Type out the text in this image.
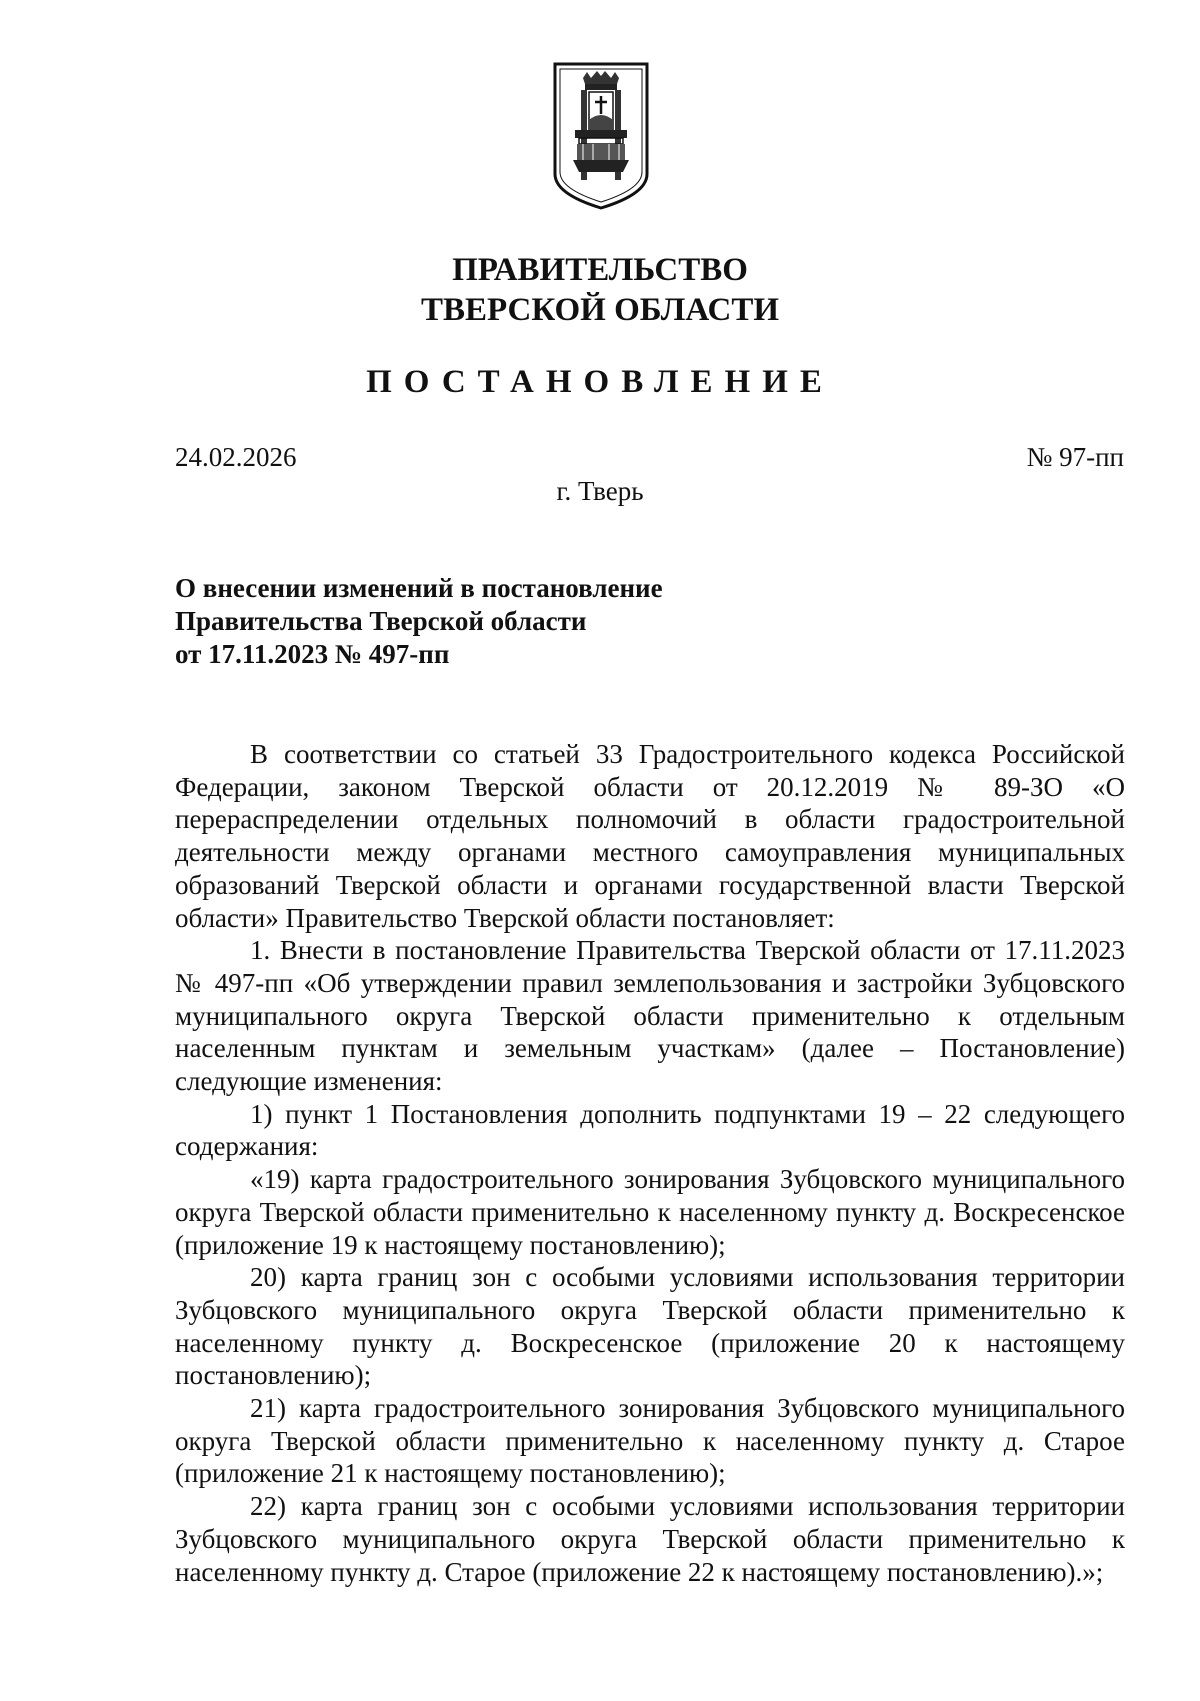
ПРАВИТЕЛЬСТВО
ТВЕРСКОЙ ОБЛАСТИ
ПОСТАНОВЛЕНИЕ
24.02.2026	№ 97-пп
г. Тверь
О внесении изменений в постановление
Правительства Тверской области
от 17.11.2023 № 497-пп

В соответствии со статьей 33 Градостроительного кодекса Российской Федерации, законом Тверской области от 20.12.2019 № 89-ЗО «О перераспределении отдельных полномочий в области градостроительной деятельности между органами местного самоуправления муниципальных образований Тверской области и органами государственной власти Тверской области» Правительство Тверской области постановляет:

1. Внести в постановление Правительства Тверской области от 17.11.2023 № 497-пп «Об утверждении правил землепользования и застройки Зубцовского муниципального округа Тверской области применительно к отдельным населенным пунктам и земельным участкам» (далее – Постановление) следующие изменения:

1) пункт 1 Постановления дополнить подпунктами 19 – 22 следующего содержания:

«19) карта градостроительного зонирования Зубцовского муниципального округа Тверской области применительно к населенному пункту д. Воскресенское (приложение 19 к настоящему постановлению);

20) карта границ зон с особыми условиями использования территории Зубцовского муниципального округа Тверской области применительно к населенному пункту д. Воскресенское (приложение 20 к настоящему постановлению);

21) карта градостроительного зонирования Зубцовского муниципального округа Тверской области применительно к населенному пункту д. Старое (приложение 21 к настоящему постановлению);

22) карта границ зон с особыми условиями использования территории Зубцовского муниципального округа Тверской области применительно к населенному пункту д. Старое (приложение 22 к настоящему постановлению).»;
